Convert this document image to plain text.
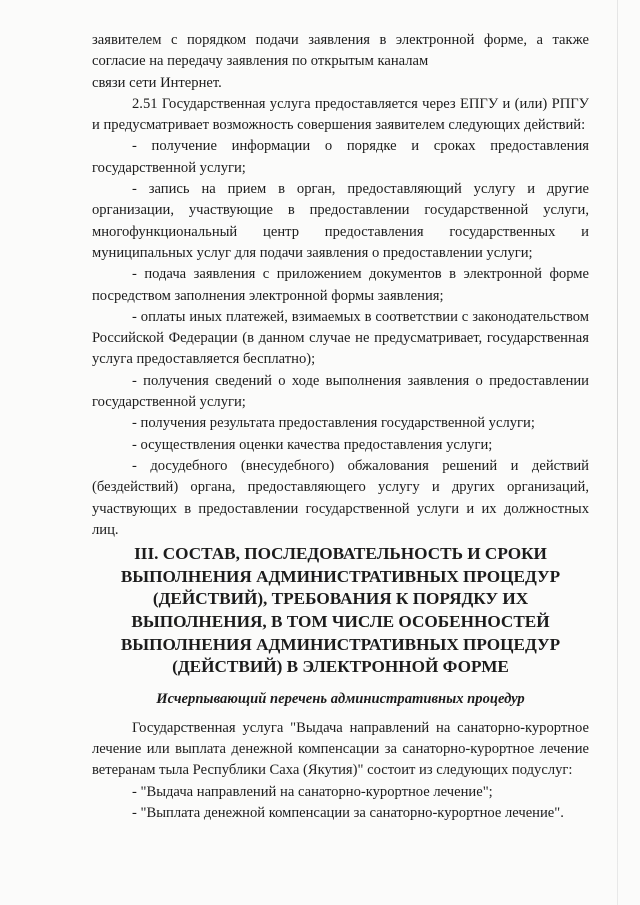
заявителем с порядком подачи заявления в электронной форме, а также согласие на передачу заявления по открытым каналам

связи сети Интернет.

2.51 Государственная услуга предоставляется через ЕПГУ и (или) РПГУ и предусматривает возможность совершения заявителем следующих действий:

- получение информации о порядке и сроках предоставления государственной услуги;

- запись на прием в орган, предоставляющий услугу и другие организации, участвующие в предоставлении государственной услуги, многофункциональный центр предоставления государственных и муниципальных услуг для подачи заявления о предоставлении услуги;

- подача заявления с приложением документов в электронной форме посредством заполнения электронной формы заявления;

- оплаты иных платежей, взимаемых в соответствии с законодательством Российской Федерации (в данном случае не предусматривает, государственная услуга предоставляется бесплатно);

- получения сведений о ходе выполнения заявления о предоставлении государственной услуги;

- получения результата предоставления государственной услуги;

- осуществления оценки качества предоставления услуги;

- досудебного (внесудебного) обжалования решений и действий (бездействий) органа, предоставляющего услугу и других организаций, участвующих в предоставлении государственной услуги и их должностных лиц.

III. СОСТАВ, ПОСЛЕДОВАТЕЛЬНОСТЬ И СРОКИ ВЫПОЛНЕНИЯ АДМИНИСТРАТИВНЫХ ПРОЦЕДУР (ДЕЙСТВИЙ), ТРЕБОВАНИЯ К ПОРЯДКУ ИХ ВЫПОЛНЕНИЯ, В ТОМ ЧИСЛЕ ОСОБЕННОСТЕЙ ВЫПОЛНЕНИЯ АДМИНИСТРАТИВНЫХ ПРОЦЕДУР (ДЕЙСТВИЙ) В ЭЛЕКТРОННОЙ ФОРМЕ
Исчерпывающий перечень административных процедур

Государственная услуга "Выдача направлений на санаторно-курортное лечение или выплата денежной компенсации за санаторно-курортное лечение ветеранам тыла Республики Саха (Якутия)" состоит из следующих подуслуг:

- "Выдача направлений на санаторно-курортное лечение";

- "Выплата денежной компенсации за санаторно-курортное лечение".
